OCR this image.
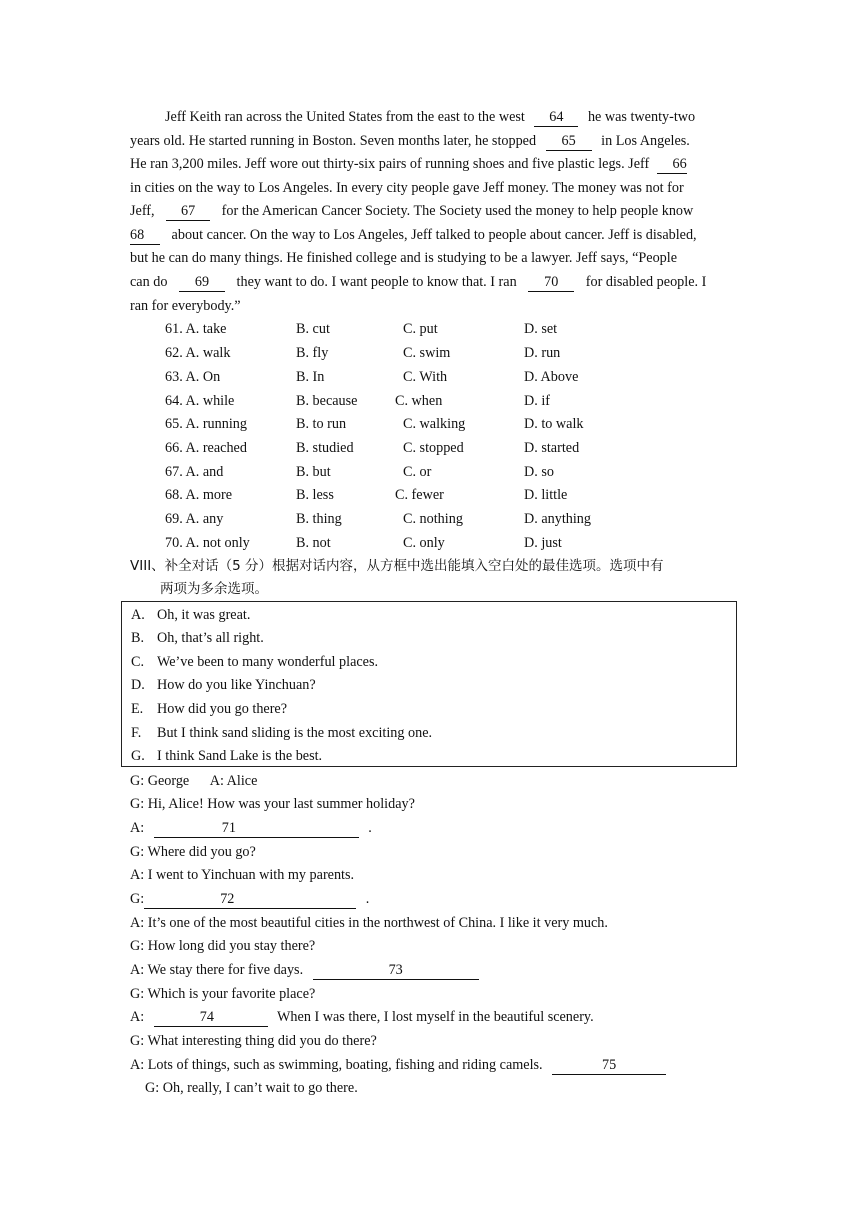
Jeff Keith ran across the United States from the east to the west 64 he was twenty-two
years old. He started running in Boston. Seven months later, he stopped 65 in Los Angeles.
He ran 3,200 miles. Jeff wore out thirty-six pairs of running shoes and five plastic legs. Jeff 66
in cities on the way to Los Angeles. In every city people gave Jeff money. The money was not for
Jeff, 67 for the American Cancer Society. The Society used the money to help people know
68 about cancer. On the way to Los Angeles, Jeff talked to people about cancer. Jeff is disabled,
but he can do many things. He finished college and is studying to be a lawyer. Jeff says, “People
can do 69 they want to do. I want people to know that. I ran 70 for disabled people. I
ran for everybody.”
61. A. take	B. cut	C. put	D. set
62. A. walk	B. fly	C. swim	D. run
63. A. On	B. In	C. With	D. Above
64. A. while	B. because	C. when	D. if
65. A. running	B. to run	C. walking	D. to walk
66. A. reached	B. studied	C. stopped	D. started
67. A. and	B. but	C. or	D. so
68. A. more	B. less	C. fewer	D. little
69. A. any	B. thing	C. nothing	D. anything
70. A. not only	B. not	C. only	D. just
VIII、补全对话（5 分）根据对话内容，从方框中选出能填入空白处的最佳选项。选项中有
两项为多余选项。
A. Oh, it was great.
B. Oh, that’s all right.
C. We’ve been to many wonderful places.
D. How do you like Yinchuan?
E. How did you go there?
F. But I think sand sliding is the most exciting one.
G. I think Sand Lake is the best.
G: George      A: Alice
G: Hi, Alice! How was your last summer holiday?
A:	71	.
G: Where did you go?
A: I went to Yinchuan with my parents.
G:	72	.
A: It’s one of the most beautiful cities in the northwest of China. I like it very much.
G: How long did you stay there?
A: We stay there for five days.	73
G: Which is your favorite place?
A:	74	When I was there, I lost myself in the beautiful scenery.
G: What interesting thing did you do there?
A: Lots of things, such as swimming, boating, fishing and riding camels.	75
G: Oh, really, I can’t wait to go there.
